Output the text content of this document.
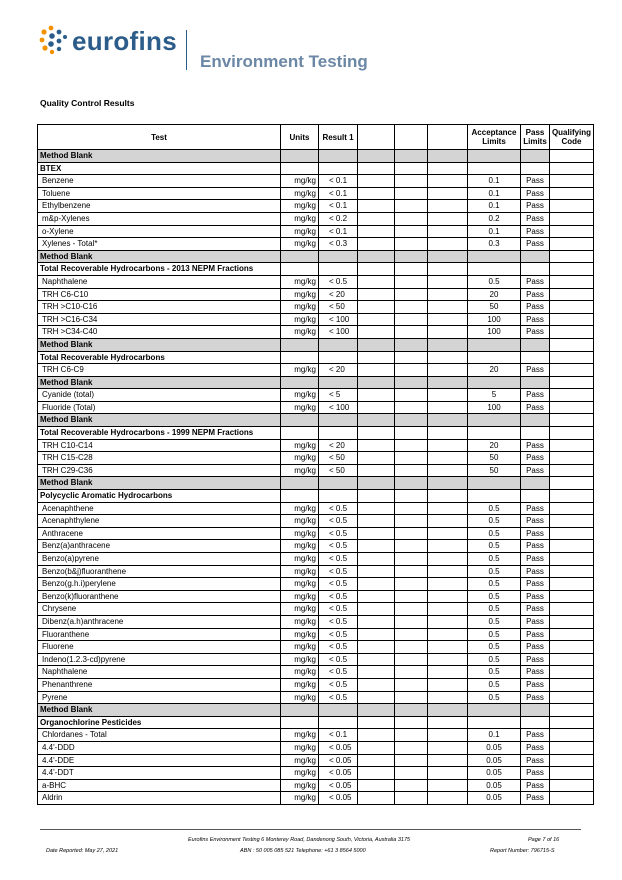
eurofins
Environment Testing
Quality Control Results
Test	Units	Result 1				Acceptance Limits	Pass Limits	Qualifying Code
Method Blank								
BTEX								
Benzene	mg/kg	< 0.1				0.1	Pass	
Toluene	mg/kg	< 0.1				0.1	Pass	
Ethylbenzene	mg/kg	< 0.1				0.1	Pass	
m&p-Xylenes	mg/kg	< 0.2				0.2	Pass	
o-Xylene	mg/kg	< 0.1				0.1	Pass	
Xylenes - Total*	mg/kg	< 0.3				0.3	Pass	
Method Blank								
Total Recoverable Hydrocarbons - 2013 NEPM Fractions								
Naphthalene	mg/kg	< 0.5				0.5	Pass	
TRH C6-C10	mg/kg	< 20				20	Pass	
TRH >C10-C16	mg/kg	< 50				50	Pass	
TRH >C16-C34	mg/kg	< 100				100	Pass	
TRH >C34-C40	mg/kg	< 100				100	Pass	
Method Blank								
Total Recoverable Hydrocarbons								
TRH C6-C9	mg/kg	< 20				20	Pass	
Method Blank								
Cyanide (total)	mg/kg	< 5				5	Pass	
Fluoride (Total)	mg/kg	< 100				100	Pass	
Method Blank								
Total Recoverable Hydrocarbons - 1999 NEPM Fractions								
TRH C10-C14	mg/kg	< 20				20	Pass	
TRH C15-C28	mg/kg	< 50				50	Pass	
TRH C29-C36	mg/kg	< 50				50	Pass	
Method Blank								
Polycyclic Aromatic Hydrocarbons								
Acenaphthene	mg/kg	< 0.5				0.5	Pass	
Acenaphthylene	mg/kg	< 0.5				0.5	Pass	
Anthracene	mg/kg	< 0.5				0.5	Pass	
Benz(a)anthracene	mg/kg	< 0.5				0.5	Pass	
Benzo(a)pyrene	mg/kg	< 0.5				0.5	Pass	
Benzo(b&j)fluoranthene	mg/kg	< 0.5				0.5	Pass	
Benzo(g.h.i)perylene	mg/kg	< 0.5				0.5	Pass	
Benzo(k)fluoranthene	mg/kg	< 0.5				0.5	Pass	
Chrysene	mg/kg	< 0.5				0.5	Pass	
Dibenz(a.h)anthracene	mg/kg	< 0.5				0.5	Pass	
Fluoranthene	mg/kg	< 0.5				0.5	Pass	
Fluorene	mg/kg	< 0.5				0.5	Pass	
Indeno(1.2.3-cd)pyrene	mg/kg	< 0.5				0.5	Pass	
Naphthalene	mg/kg	< 0.5				0.5	Pass	
Phenanthrene	mg/kg	< 0.5				0.5	Pass	
Pyrene	mg/kg	< 0.5				0.5	Pass	
Method Blank								
Organochlorine Pesticides								
Chlordanes - Total	mg/kg	< 0.1				0.1	Pass	
4.4'-DDD	mg/kg	< 0.05				0.05	Pass	
4.4'-DDE	mg/kg	< 0.05				0.05	Pass	
4.4'-DDT	mg/kg	< 0.05				0.05	Pass	
a-BHC	mg/kg	< 0.05				0.05	Pass	
Aldrin	mg/kg	< 0.05				0.05	Pass	
Eurofins Environment Testing 6 Monterey Road, Dandenong South, Victoria, Australia 3175	Page 7 of 16
Date Reported: May 27, 2021	ABN : 50 005 085 521 Telephone: +61 3 8564 5000	Report Number: 796715-S
